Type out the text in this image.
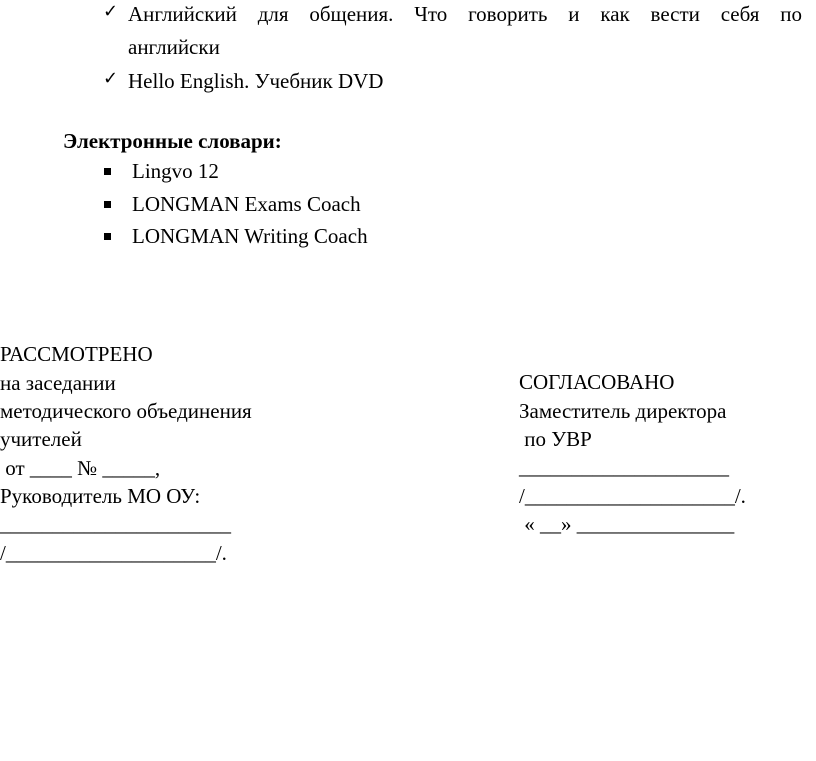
✓ Английский для общения. Что говорить и как вести себя по
английски
✓ Hello English. Учебник DVD
Электронные словари:
Lingvo 12
LONGMAN Exams Coach
LONGMAN Writing Coach
РАССМОТРЕНО
на заседании
методического объединения
учителей
от ____ № _____,
Руководитель МО ОУ:
______________________
/____________________/.
СОГЛАСОВАНО
Заместитель директора
по УВР
____________________
/____________________/.
« __» _______________
